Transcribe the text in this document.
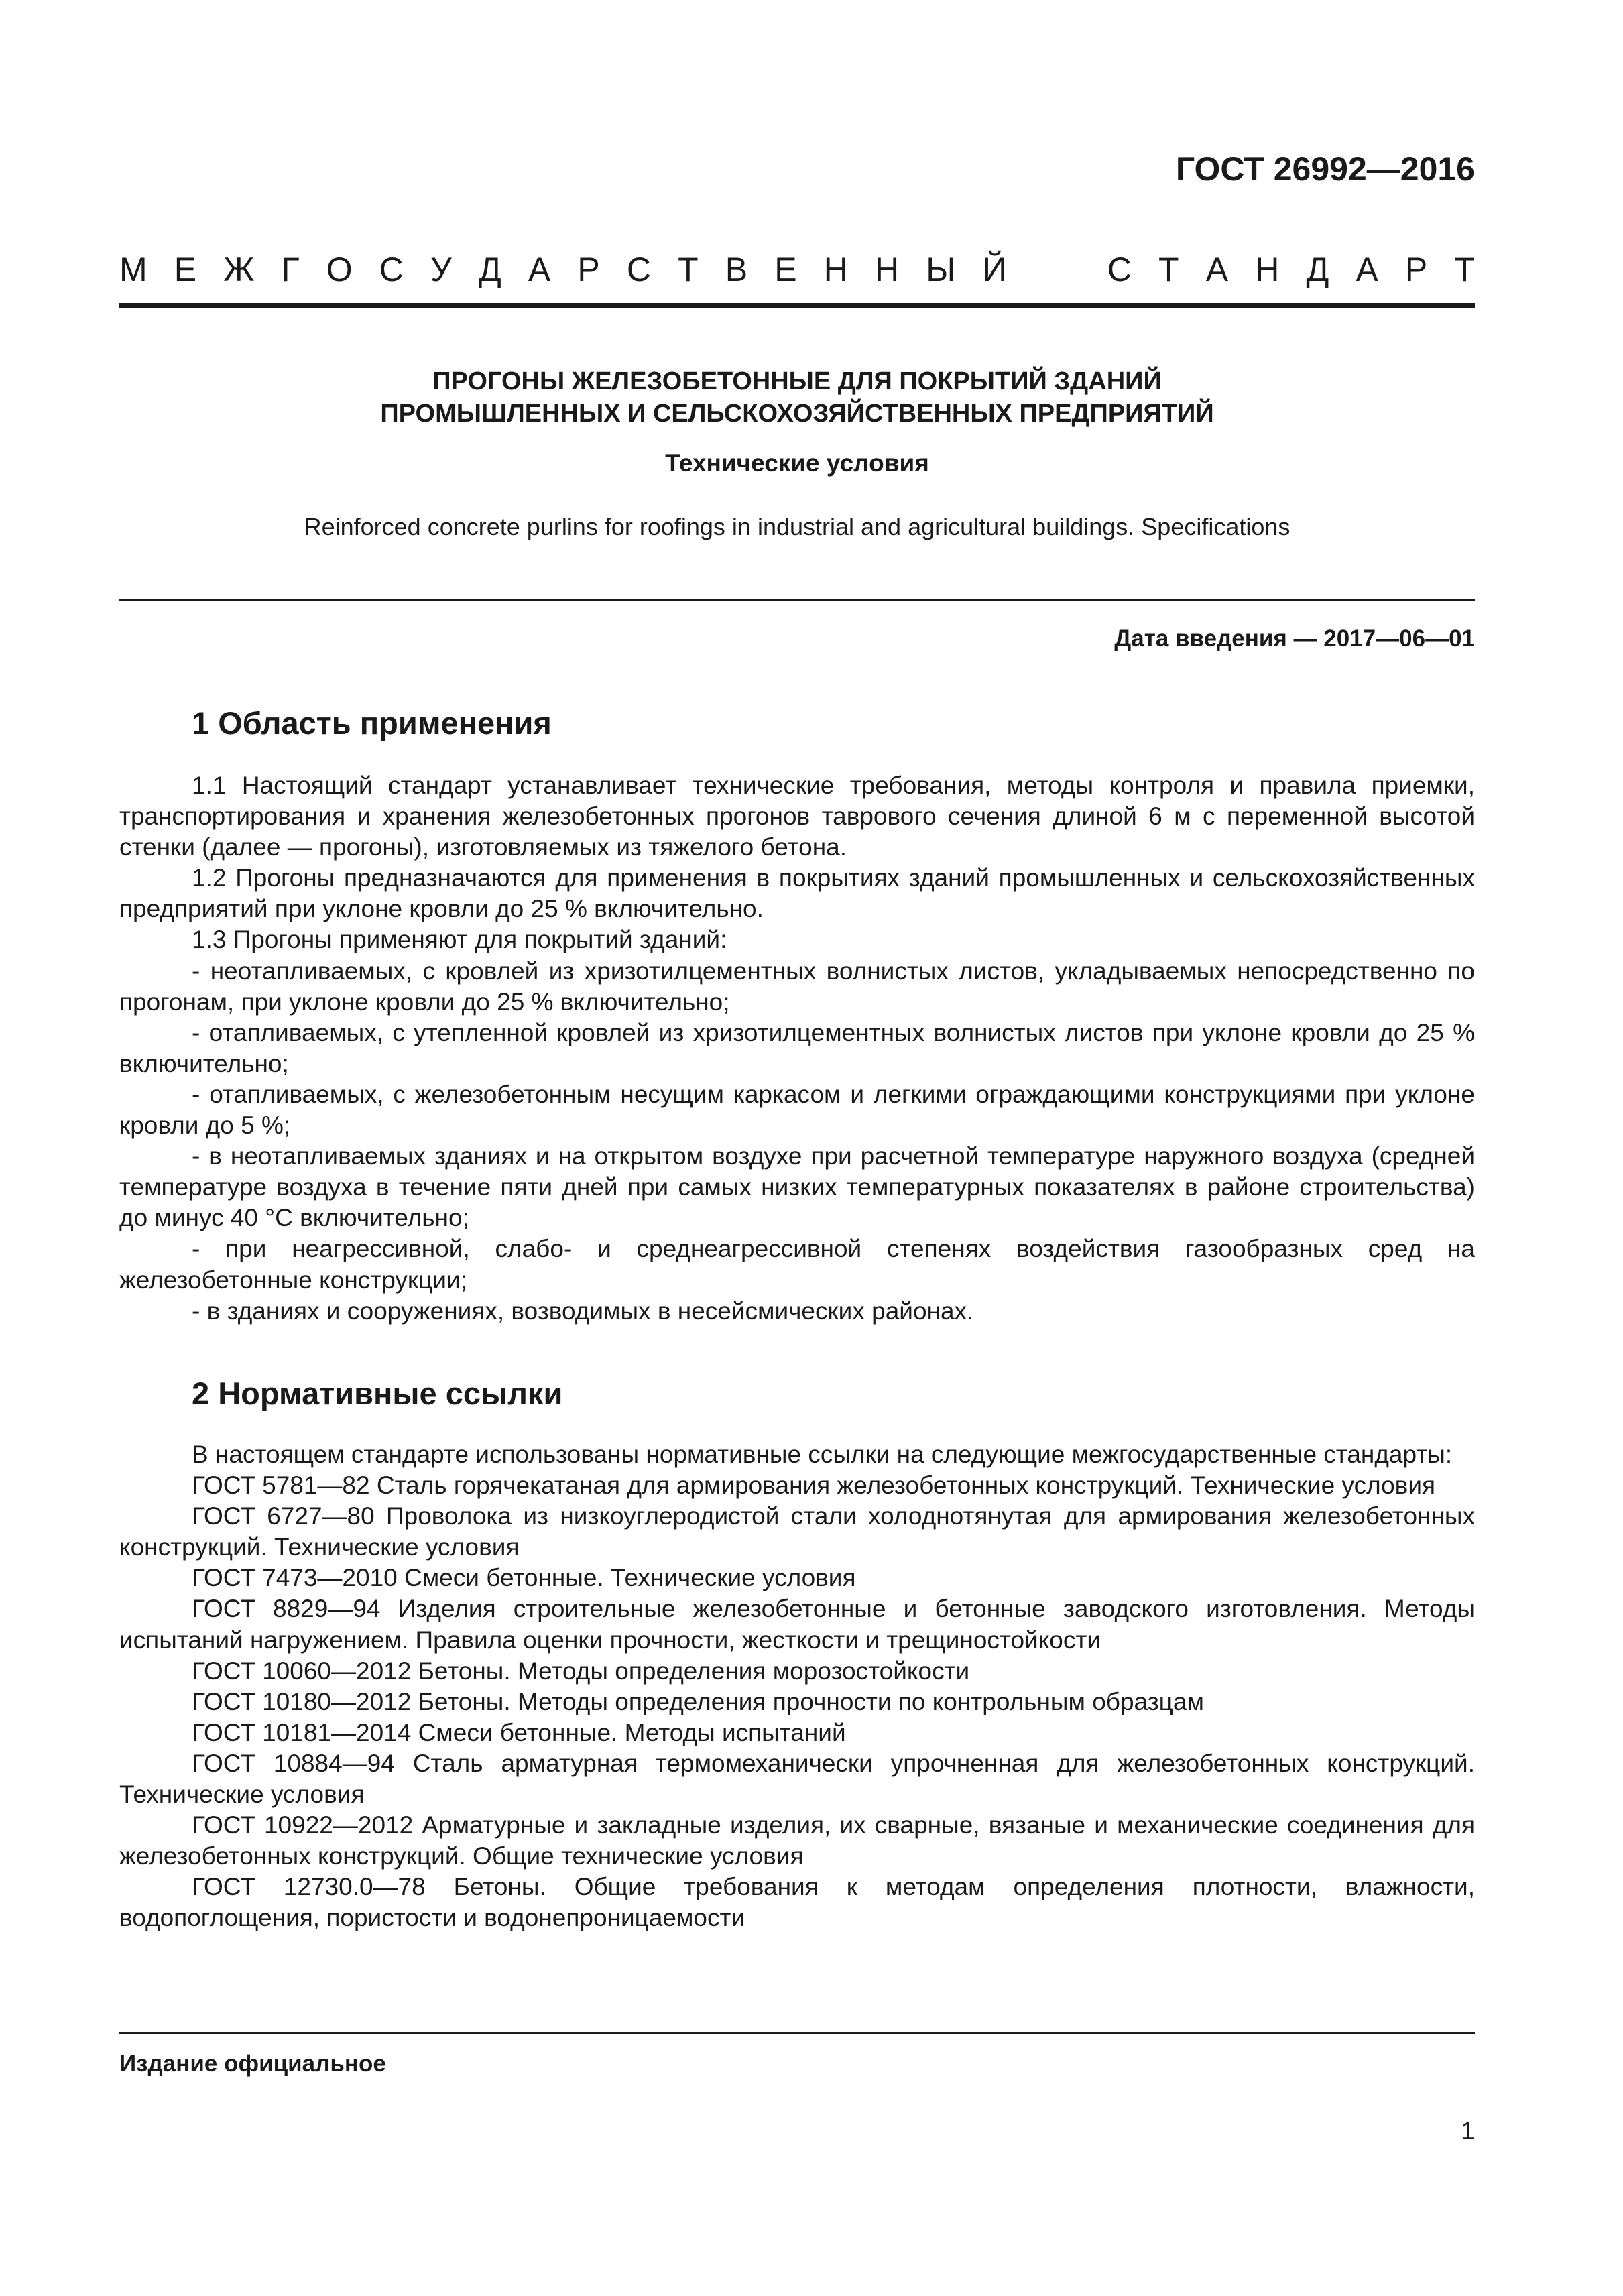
ГОСТ 26992—2016
М Е Ж Г О С У Д А Р С Т В Е Н Н Ы Й	С Т А Н Д А Р Т
ПРОГОНЫ ЖЕЛЕЗОБЕТОННЫЕ ДЛЯ ПОКРЫТИЙ ЗДАНИЙ
ПРОМЫШЛЕННЫХ И СЕЛЬСКОХОЗЯЙСТВЕННЫХ ПРЕДПРИЯТИЙ
Технические условия
Reinforced concrete purlins for roofings in industrial and agricultural buildings. Specifications
Дата введения — 2017—06—01
1 Область применения

1.1 Настоящий стандарт устанавливает технические требования, методы контроля и правила приемки, транспортирования и хранения железобетонных прогонов таврового сечения длиной 6 м с переменной высотой стенки (далее — прогоны), изготовляемых из тяжелого бетона.

1.2 Прогоны предназначаются для применения в покрытиях зданий промышленных и сельскохозяйственных предприятий при уклоне кровли до 25 % включительно.

1.3 Прогоны применяют для покрытий зданий:

- неотапливаемых, с кровлей из хризотилцементных волнистых листов, укладываемых непосредственно по прогонам, при уклоне кровли до 25 % включительно;

- отапливаемых, с утепленной кровлей из хризотилцементных волнистых листов при уклоне кровли до 25 % включительно;

- отапливаемых, с железобетонным несущим каркасом и легкими ограждающими конструкциями при уклоне кровли до 5 %;

- в неотапливаемых зданиях и на открытом воздухе при расчетной температуре наружного воздуха (средней температуре воздуха в течение пяти дней при самых низких температурных показателях в районе строительства) до минус 40 °С включительно;

- при неагрессивной, слабо- и среднеагрессивной степенях воздействия газообразных сред на железобетонные конструкции;

- в зданиях и сооружениях, возводимых в несейсмических районах.

2 Нормативные ссылки

В настоящем стандарте использованы нормативные ссылки на следующие межгосударственные стандарты:

ГОСТ 5781—82 Сталь горячекатаная для армирования железобетонных конструкций. Технические условия

ГОСТ 6727—80 Проволока из низкоуглеродистой стали холоднотянутая для армирования железобетонных конструкций. Технические условия

ГОСТ 7473—2010 Смеси бетонные. Технические условия

ГОСТ 8829—94 Изделия строительные железобетонные и бетонные заводского изготовления. Методы испытаний нагружением. Правила оценки прочности, жесткости и трещиностойкости

ГОСТ 10060—2012 Бетоны. Методы определения морозостойкости

ГОСТ 10180—2012 Бетоны. Методы определения прочности по контрольным образцам

ГОСТ 10181—2014 Смеси бетонные. Методы испытаний

ГОСТ 10884—94 Сталь арматурная термомеханически упрочненная для железобетонных конструкций. Технические условия

ГОСТ 10922—2012 Арматурные и закладные изделия, их сварные, вязаные и механические соединения для железобетонных конструкций. Общие технические условия

ГОСТ 12730.0—78 Бетоны. Общие требования к методам определения плотности, влажности, водопоглощения, пористости и водонепроницаемости

Издание официальное
1
